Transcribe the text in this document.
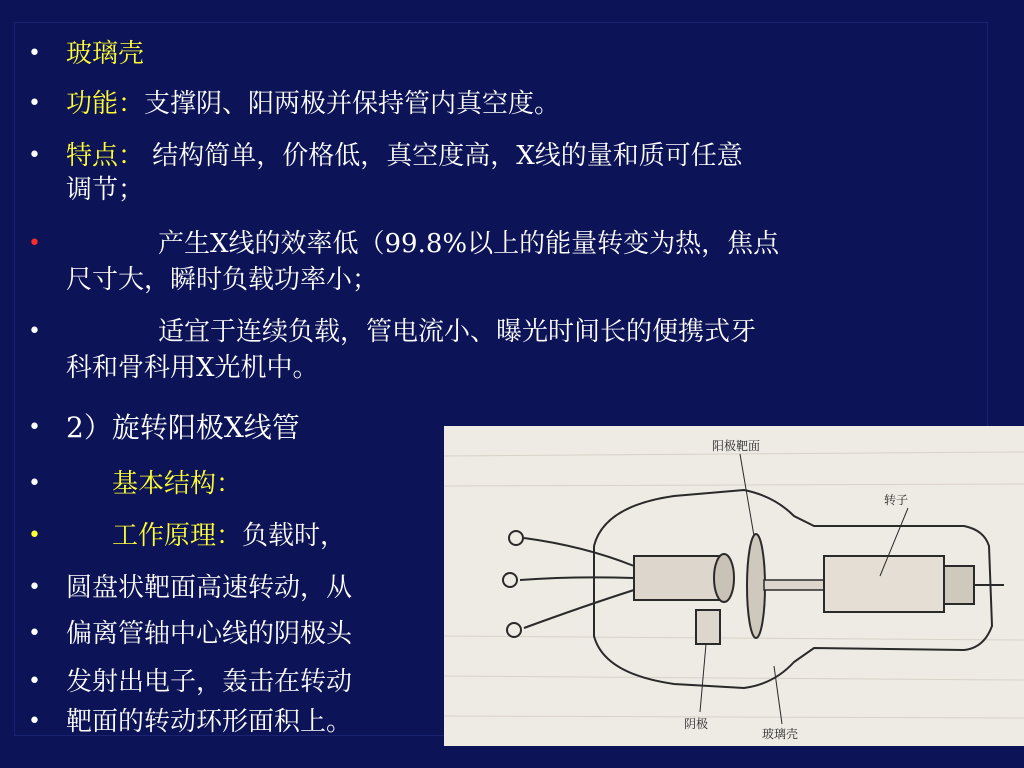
• 玻璃壳
• 功能：支撑阴、阳两极并保持管内真空度。
• 特点： 结构简单，价格低，真空度高，X线的量和质可任意
调节；
•	产生X线的效率低（99.8%以上的能量转变为热，焦点
尺寸大，瞬时负载功率小；
•	适宜于连续负载，管电流小、曝光时间长的便携式牙
科和骨科用X光机中。
• 2）旋转阳极X线管
•	基本结构：
•	工作原理：负载时，
• 圆盘状靶面高速转动，从
• 偏离管轴中心线的阴极头
• 发射出电子，轰击在转动
• 靶面的转动环形面积上。
阳极靶面
转子
阴极
玻璃壳
